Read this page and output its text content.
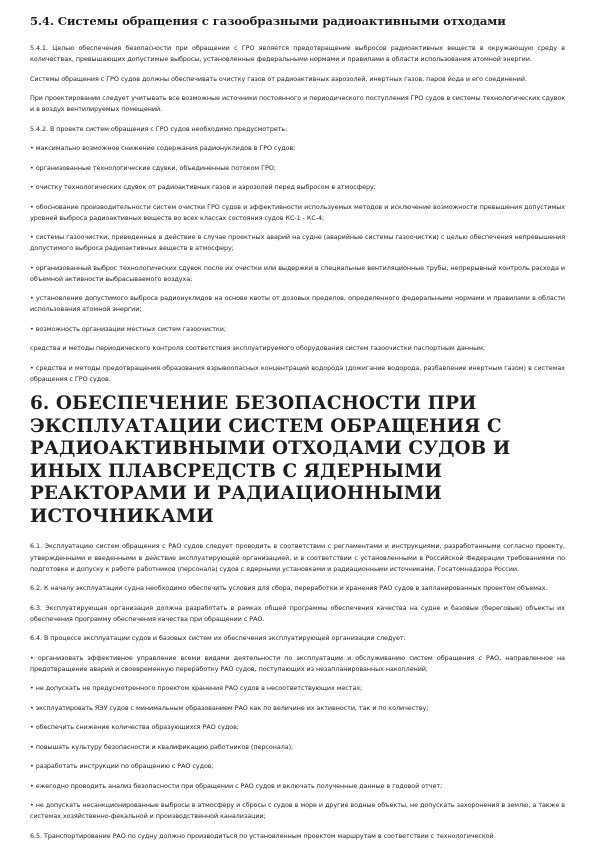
5.4. Системы обращения с газообразными радиоактивными отходами

5.4.1. Целью обеспечения безопасности при обращении с ГРО является предотвращение выбросов радиоактивных веществ в окружающую среду в количествах, превышающих допустимые выбросы, установленные федеральными нормами и правилами в области использования атомной энергии.

Системы обращения с ГРО судов должны обеспечивать очистку газов от радиоактивных аэрозолей, инертных газов, паров йода и его соединений.

При проектировании следует учитывать все возможные источники постоянного и периодического поступления ГРО судов в системы технологических сдувок и в воздух вентилируемых помещений.

5.4.2. В проекте систем обращения с ГРО судов необходимо предусмотреть:

• максимально возможное снижение содержания радионуклидов в ГРО судов;

• организованные технологические сдувки, объединенные потоком ГРО;

• очистку технологических сдувок от радиоактивных газов и аэрозолей перед выбросом в атмосферу;

• обоснование производительности систем очистки ГРО судов и эффективности используемых методов и исключение возможности превышения допустимых уровней выброса радиоактивных веществ во всех классах состояния судов КС-1 - КС-4;

• системы газоочистки, приведенные в действие в случае проектных аварий на судне (аварийные системы газоочистки) с целью обеспечения непревышения допустимого выброса радиоактивных веществ в атмосферу;

• организованный выброс технологических сдувок после их очистки или выдержки в специальные вентиляционные трубы, непрерывный контроль расхода и объемной активности выбрасываемого воздуха;

• установление допустимого выброса радионуклидов на основе квоты от дозовых пределов, определенного федеральными нормами и правилами в области использования атомной энергии;

• возможность организации местных систем газоочистки;

средства и методы периодического контроля соответствия эксплуатируемого оборудования систем газоочистки паспортным данным;

• средства и методы предотвращения образования взрывоопасных концентраций водорода (дожигание водорода, разбавление инертным газом) в системах обращения с ГРО судов.

6. ОБЕСПЕЧЕНИЕ БЕЗОПАСНОСТИ ПРИ ЭКСПЛУАТАЦИИ СИСТЕМ ОБРАЩЕНИЯ С РАДИОАКТИВНЫМИ ОТХОДАМИ СУДОВ И ИНЫХ ПЛАВСРЕДСТВ С ЯДЕРНЫМИ РЕАКТОРАМИ И РАДИАЦИОННЫМИ ИСТОЧНИКАМИ

6.1. Эксплуатацию систем обращения с РАО судов следует проводить в соответствии с регламентами и инструкциями, разработанными согласно проекту, утвержденными и введенными в действие эксплуатирующей организацией, и в соответствии с установленными в Российской Федерации требованиями по подготовке и допуску к работе работников (персонала) судов с ядерными установками и радиационными источниками, Госатомнадзора России.

6.2. К началу эксплуатации судна необходимо обеспечить условия для сбора, переработки и хранения РАО судов в запланированных проектом объемах.

6.3. Эксплуатирующая организация должна разработать в рамках общей программы обеспечения качества на судне и базовые (береговые) объекты их обеспечения программу обеспечения качества при обращении с РАО.

6.4. В процессе эксплуатации судов и базовых систем их обеспечения эксплуатирующей организации следует:

• организовать эффективное управление всеми видами деятельности по эксплуатации и обслуживанию систем обращения с РАО, направленное на предотвращение аварий и своевременную переработку РАО судов, поступающих из незапланированных накоплений;

• не допускать не предусмотренного проектом хранения РАО судов в несоответствующих местах;

• эксплуатировать ЯЭУ судов с минимальным образованием РАО как по величине их активности, так и по количеству;

• обеспечить снижение количества образующихся РАО судов;

• повышать культуру безопасности и квалификацию работников (персонала);

• разработать инструкции по обращению с РАО судов;

• ежегодно проводить анализ безопасности при обращении с РАО судов и включать полученные данные в годовой отчет;

• не допускать несанкционированные выбросы в атмосферу и сбросы с судов в море и другие водные объекты, не допускать захоронения в землю, а также в системах хозяйственно-фекальной и производственной канализации;

6.5. Транспортирование РАО по судну должно производиться по установленным проектом маршрутам в соответствии с технологической
